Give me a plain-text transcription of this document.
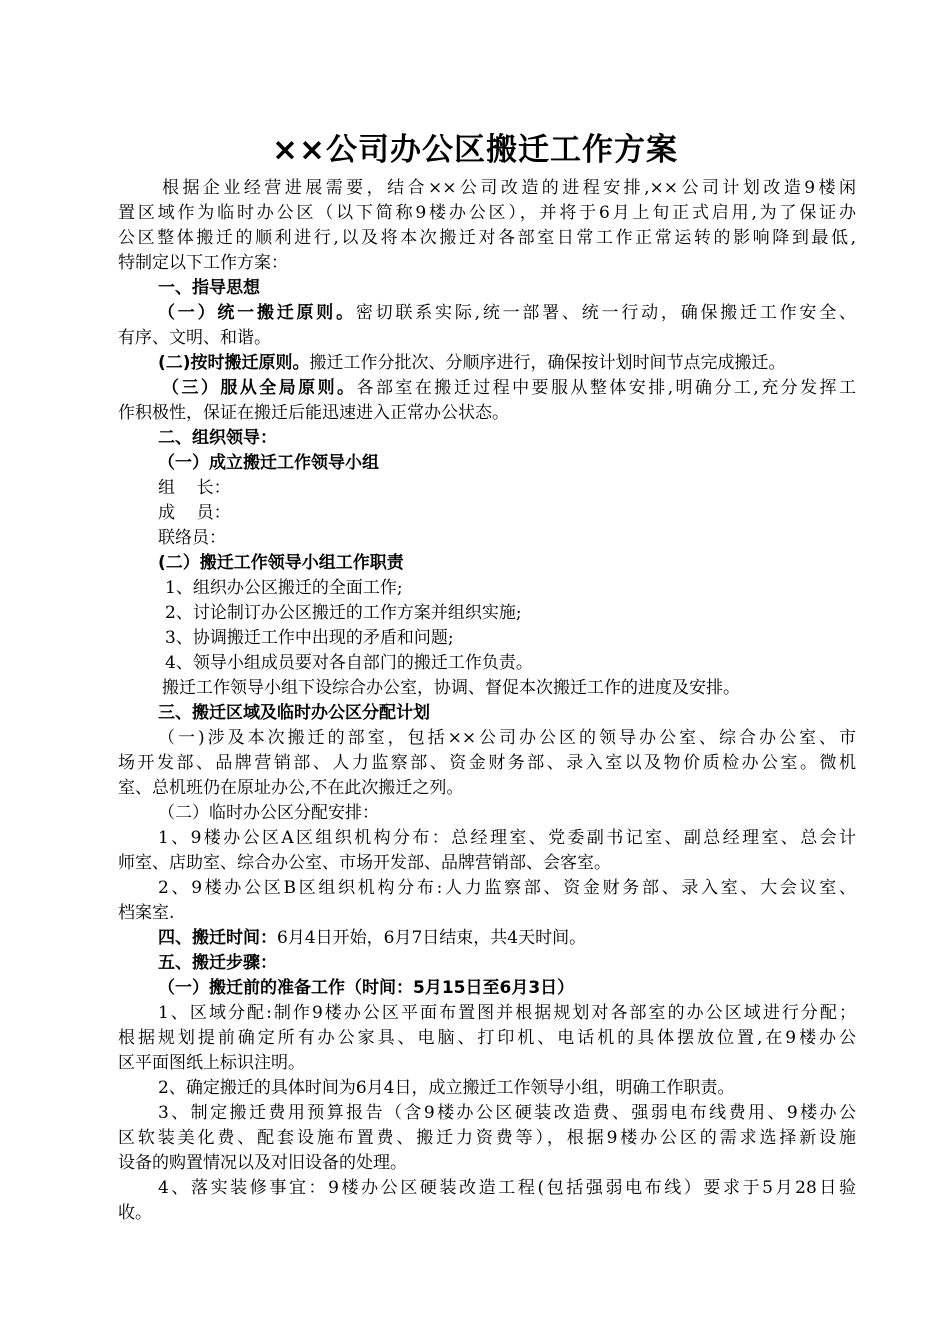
××公司办公区搬迁工作方案
根据企业经营进展需要，结合××公司改造的进程安排,××公司计划改造9楼闲
置区域作为临时办公区（以下简称9楼办公区），并将于6月上旬正式启用,为了保证办
公区整体搬迁的顺利进行,以及将本次搬迁对各部室日常工作正常运转的影响降到最低,
特制定以下工作方案：
一、指导思想
（一）统一搬迁原则。密切联系实际,统一部署、统一行动，确保搬迁工作安全、
有序、文明、和谐。
(二)按时搬迁原则。搬迁工作分批次、分顺序进行，确保按计划时间节点完成搬迁。
（三）服从全局原则。各部室在搬迁过程中要服从整体安排,明确分工,充分发挥工
作积极性，保证在搬迁后能迅速进入正常办公状态。
二、组织领导：
（一）成立搬迁工作领导小组
组    长：
成    员：
联络员：
(二）搬迁工作领导小组工作职责
1、组织办公区搬迁的全面工作;
2、讨论制订办公区搬迁的工作方案并组织实施;
3、协调搬迁工作中出现的矛盾和问题;
4、领导小组成员要对各自部门的搬迁工作负责。
搬迁工作领导小组下设综合办公室，协调、督促本次搬迁工作的进度及安排。
三、搬迁区域及临时办公区分配计划
（一)涉及本次搬迁的部室，包括××公司办公区的领导办公室、综合办公室、市
场开发部、品牌营销部、人力监察部、资金财务部、录入室以及物价质检办公室。微机
室、总机班仍在原址办公,不在此次搬迁之列。
（二）临时办公区分配安排：
1、9楼办公区A区组织机构分布：总经理室、党委副书记室、副总经理室、总会计
师室、店助室、综合办公室、市场开发部、品牌营销部、会客室。
2、9楼办公区B区组织机构分布:人力监察部、资金财务部、录入室、大会议室、
档案室.
四、搬迁时间：6月4日开始，6月7日结束，共4天时间。
五、搬迁步骤：
（一）搬迁前的准备工作（时间：5月15日至6月3日）
1、区域分配:制作9楼办公区平面布置图并根据规划对各部室的办公区域进行分配；
根据规划提前确定所有办公家具、电脑、打印机、电话机的具体摆放位置,在9楼办公
区平面图纸上标识注明。
2、确定搬迁的具体时间为6月4日，成立搬迁工作领导小组，明确工作职责。
3、制定搬迁费用预算报告（含9楼办公区硬装改造费、强弱电布线费用、9楼办公
区软装美化费、配套设施布置费、搬迁力资费等），根据9楼办公区的需求选择新设施
设备的购置情况以及对旧设备的处理。
4、落实装修事宜：9楼办公区硬装改造工程(包括强弱电布线）要求于5月28日验
收。
